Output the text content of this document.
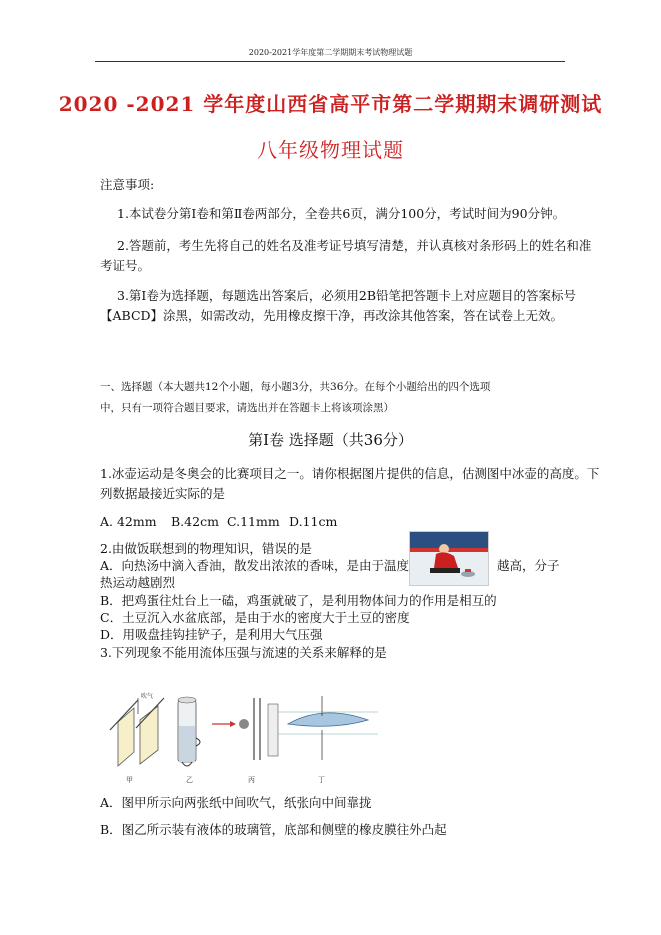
2020-2021学年度第二学期期末考试物理试题
2020 -2021 学年度山西省高平市第二学期期末调研测试
八年级物理试题
注意事项:
1.本试卷分第Ⅰ卷和第Ⅱ卷两部分，全卷共6页，满分100分，考试时间为90分钟。
2.答题前，考生先将自己的姓名及准考证号填写清楚，并认真核对条形码上的姓名和准
考证号。
3.第Ⅰ卷为选择题，每题选出答案后，必须用2B铅笔把答题卡上对应题目的答案标号
【ABCD】涂黑，如需改动，先用橡皮擦干净，再改涂其他答案，答在试卷上无效。
一、选择题（本大题共12个小题，每小题3分，共36分。在每个小题给出的四个选项
中，只有一项符合题目要求，请选出并在答题卡上将该项涂黑）
第Ⅰ卷 选择题（共36分）
1.冰壶运动是冬奥会的比赛项目之一。请你根据图片提供的信息，估测图中冰壶的高度。下
列数据最接近实际的是
A. 42mm B.42cm C.11mm D.11cm
2.由做饭联想到的物理知识，错误的是
A．向热汤中滴入香油，散发出浓浓的香味，是由于温度	越高，分子
热运动越剧烈
B．把鸡蛋往灶台上一磕，鸡蛋就破了，是利用物体间力的作用是相互的
C．土豆沉入水盆底部，是由于水的密度大于土豆的密度
D．用吸盘挂钩挂铲子，是利用大气压强
3.下列现象不能用流体压强与流速的关系来解释的是
吹气
甲	乙	丙	丁
A．图甲所示向两张纸中间吹气，纸张向中间靠拢
B．图乙所示装有液体的玻璃管，底部和侧壁的橡皮膜往外凸起
